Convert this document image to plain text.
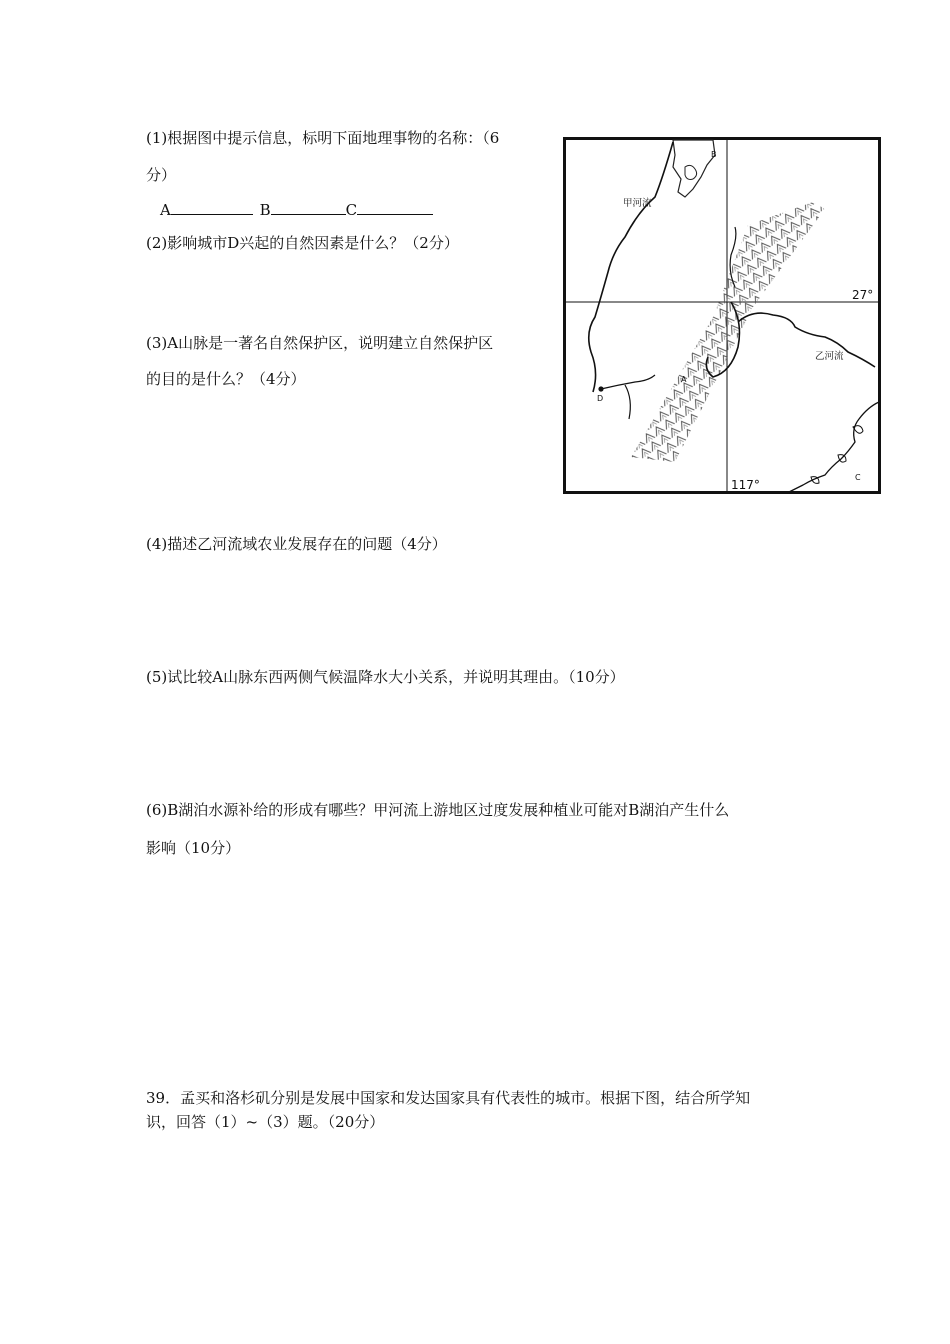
(1)根据图中提示信息，标明下面地理事物的名称：（6
分）
A	B	C
(2)影响城市D兴起的自然因素是什么？（2分）
(3)A山脉是一著名自然保护区，说明建立自然保护区
的目的是什么？（4分）
甲河流
乙河流
27°
117°
A
B
C
D
(4)描述乙河流域农业发展存在的问题（4分）
(5)试比较A山脉东西两侧气候温降水大小关系，并说明其理由。（10分）
(6)B湖泊水源补给的形成有哪些？甲河流上游地区过度发展种植业可能对B湖泊产生什么
影响（10分）
39．孟买和洛杉矶分别是发展中国家和发达国家具有代表性的城市。根据下图，结合所学知
识，回答（1）~（3）题。（20分）
